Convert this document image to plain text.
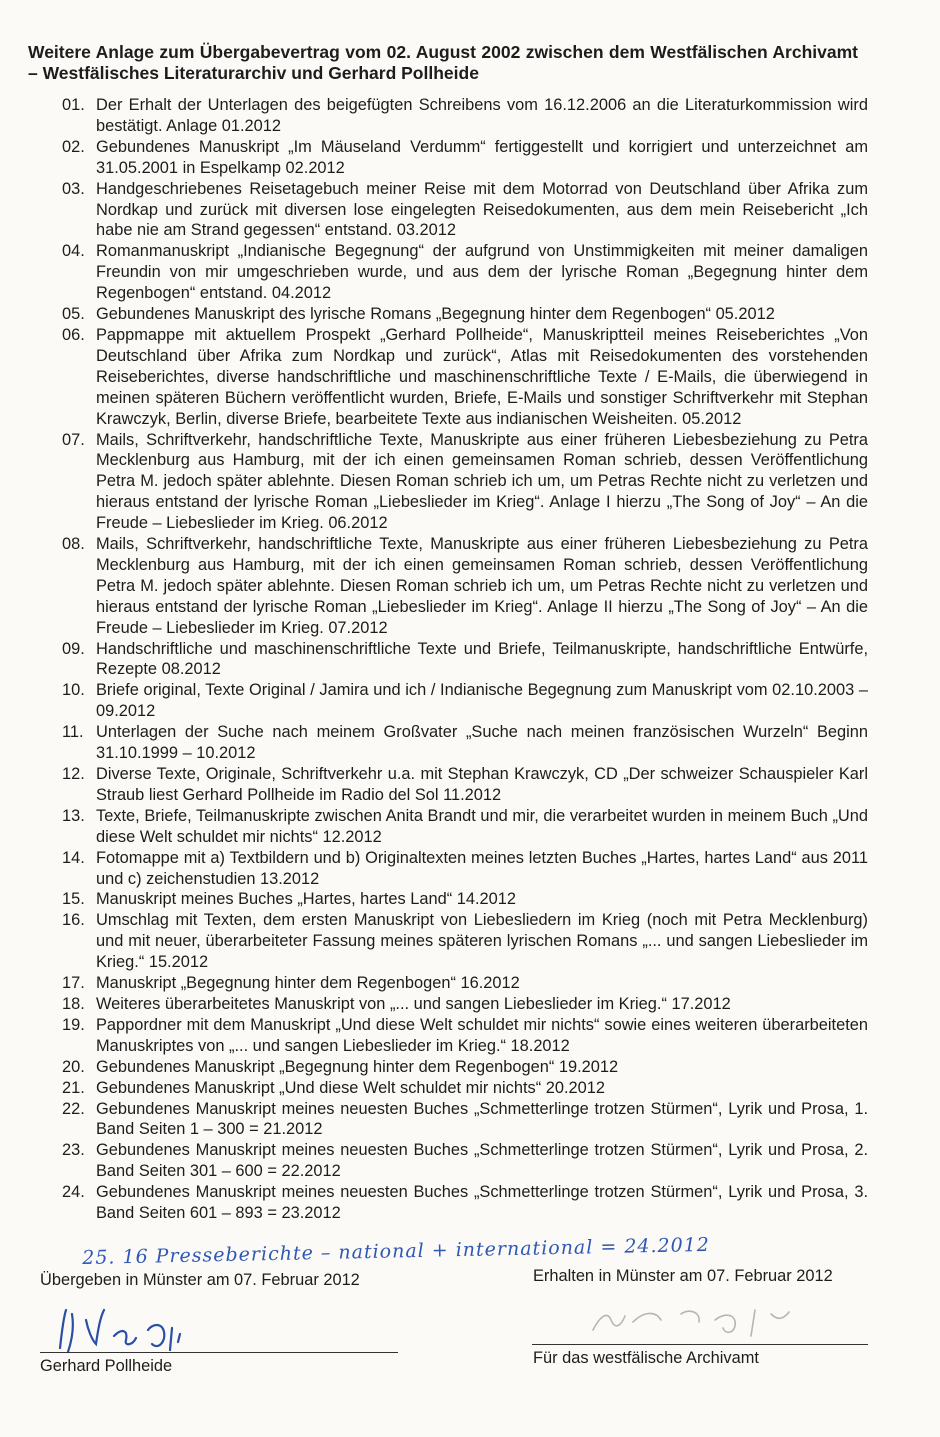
Weitere Anlage zum Übergabevertrag vom 02. August 2002 zwischen dem Westfälischen Archivamt – Westfälisches Literaturarchiv und Gerhard Pollheide
01. Der Erhalt der Unterlagen des beigefügten Schreibens vom 16.12.2006 an die Literaturkommission wird bestätigt. Anlage 01.2012
02. Gebundenes Manuskript „Im Mäuseland Verdumm“ fertiggestellt und korrigiert und unterzeichnet am 31.05.2001 in Espelkamp 02.2012
03. Handgeschriebenes Reisetagebuch meiner Reise mit dem Motorrad von Deutschland über Afrika zum Nordkap und zurück mit diversen lose eingelegten Reisedokumenten, aus dem mein Reisebericht „Ich habe nie am Strand gegessen“ entstand. 03.2012
04. Romanmanuskript „Indianische Begegnung“ der aufgrund von Unstimmigkeiten mit meiner damaligen Freundin von mir umgeschrieben wurde, und aus dem der lyrische Roman „Begegnung hinter dem Regenbogen“ entstand. 04.2012
05. Gebundenes Manuskript des lyrische Romans „Begegnung hinter dem Regenbogen“ 05.2012
06. Pappmappe mit aktuellem Prospekt „Gerhard Pollheide“, Manuskriptteil meines Reiseberichtes „Von Deutschland über Afrika zum Nordkap und zurück“, Atlas mit Reisedokumenten des vorstehenden Reiseberichtes, diverse handschriftliche und maschinenschriftliche Texte / E-Mails, die überwiegend in meinen späteren Büchern veröffentlicht wurden, Briefe, E-Mails und sonstiger Schriftverkehr mit Stephan Krawczyk, Berlin, diverse Briefe, bearbeitete Texte aus indianischen Weisheiten. 05.2012
07. Mails, Schriftverkehr, handschriftliche Texte, Manuskripte aus einer früheren Liebesbeziehung zu Petra Mecklenburg aus Hamburg, mit der ich einen gemeinsamen Roman schrieb, dessen Veröffentlichung Petra M. jedoch später ablehnte. Diesen Roman schrieb ich um, um Petras Rechte nicht zu verletzen und hieraus entstand der lyrische Roman „Liebeslieder im Krieg“. Anlage I hierzu „The Song of Joy“ – An die Freude – Liebeslieder im Krieg. 06.2012
08. Mails, Schriftverkehr, handschriftliche Texte, Manuskripte aus einer früheren Liebesbeziehung zu Petra Mecklenburg aus Hamburg, mit der ich einen gemeinsamen Roman schrieb, dessen Veröffentlichung Petra M. jedoch später ablehnte. Diesen Roman schrieb ich um, um Petras Rechte nicht zu verletzen und hieraus entstand der lyrische Roman „Liebeslieder im Krieg“. Anlage II hierzu „The Song of Joy“ – An die Freude – Liebeslieder im Krieg. 07.2012
09. Handschriftliche und maschinenschriftliche Texte und Briefe, Teilmanuskripte, handschriftliche Entwürfe, Rezepte 08.2012
10. Briefe original, Texte Original / Jamira und ich / Indianische Begegnung zum Manuskript vom 02.10.2003 – 09.2012
11. Unterlagen der Suche nach meinem Großvater „Suche nach meinen französischen Wurzeln“ Beginn 31.10.1999 – 10.2012
12. Diverse Texte, Originale, Schriftverkehr u.a. mit Stephan Krawczyk, CD „Der schweizer Schauspieler Karl Straub liest Gerhard Pollheide im Radio del Sol 11.2012
13. Texte, Briefe, Teilmanuskripte zwischen Anita Brandt und mir, die verarbeitet wurden in meinem Buch „Und diese Welt schuldet mir nichts“ 12.2012
14. Fotomappe mit a) Textbildern und b) Originaltexten meines letzten Buches „Hartes, hartes Land“ aus 2011 und c) zeichenstudien 13.2012
15. Manuskript meines Buches „Hartes, hartes Land“ 14.2012
16. Umschlag mit Texten, dem ersten Manuskript von Liebesliedern im Krieg (noch mit Petra Mecklenburg) und mit neuer, überarbeiteter Fassung meines späteren lyrischen Romans „... und sangen Liebeslieder im Krieg.“ 15.2012
17. Manuskript „Begegnung hinter dem Regenbogen“ 16.2012
18. Weiteres überarbeitetes Manuskript von „... und sangen Liebeslieder im Krieg.“ 17.2012
19. Pappordner mit dem Manuskript „Und diese Welt schuldet mir nichts“ sowie eines weiteren überarbeiteten Manuskriptes von „... und sangen Liebeslieder im Krieg.“ 18.2012
20. Gebundenes Manuskript „Begegnung hinter dem Regenbogen“ 19.2012
21. Gebundenes Manuskript „Und diese Welt schuldet mir nichts“ 20.2012
22. Gebundenes Manuskript meines neuesten Buches „Schmetterlinge trotzen Stürmen“, Lyrik und Prosa, 1. Band Seiten 1 – 300 = 21.2012
23. Gebundenes Manuskript meines neuesten Buches „Schmetterlinge trotzen Stürmen“, Lyrik und Prosa, 2. Band Seiten 301 – 600 = 22.2012
24. Gebundenes Manuskript meines neuesten Buches „Schmetterlinge trotzen Stürmen“, Lyrik und Prosa, 3. Band Seiten 601 – 893 = 23.2012
25. 16 Presseberichte – national + international = 24.2012
Übergeben in Münster am 07. Februar 2012	Erhalten in Münster am 07. Februar 2012
Gerhard Pollheide	Für das westfälische Archivamt
